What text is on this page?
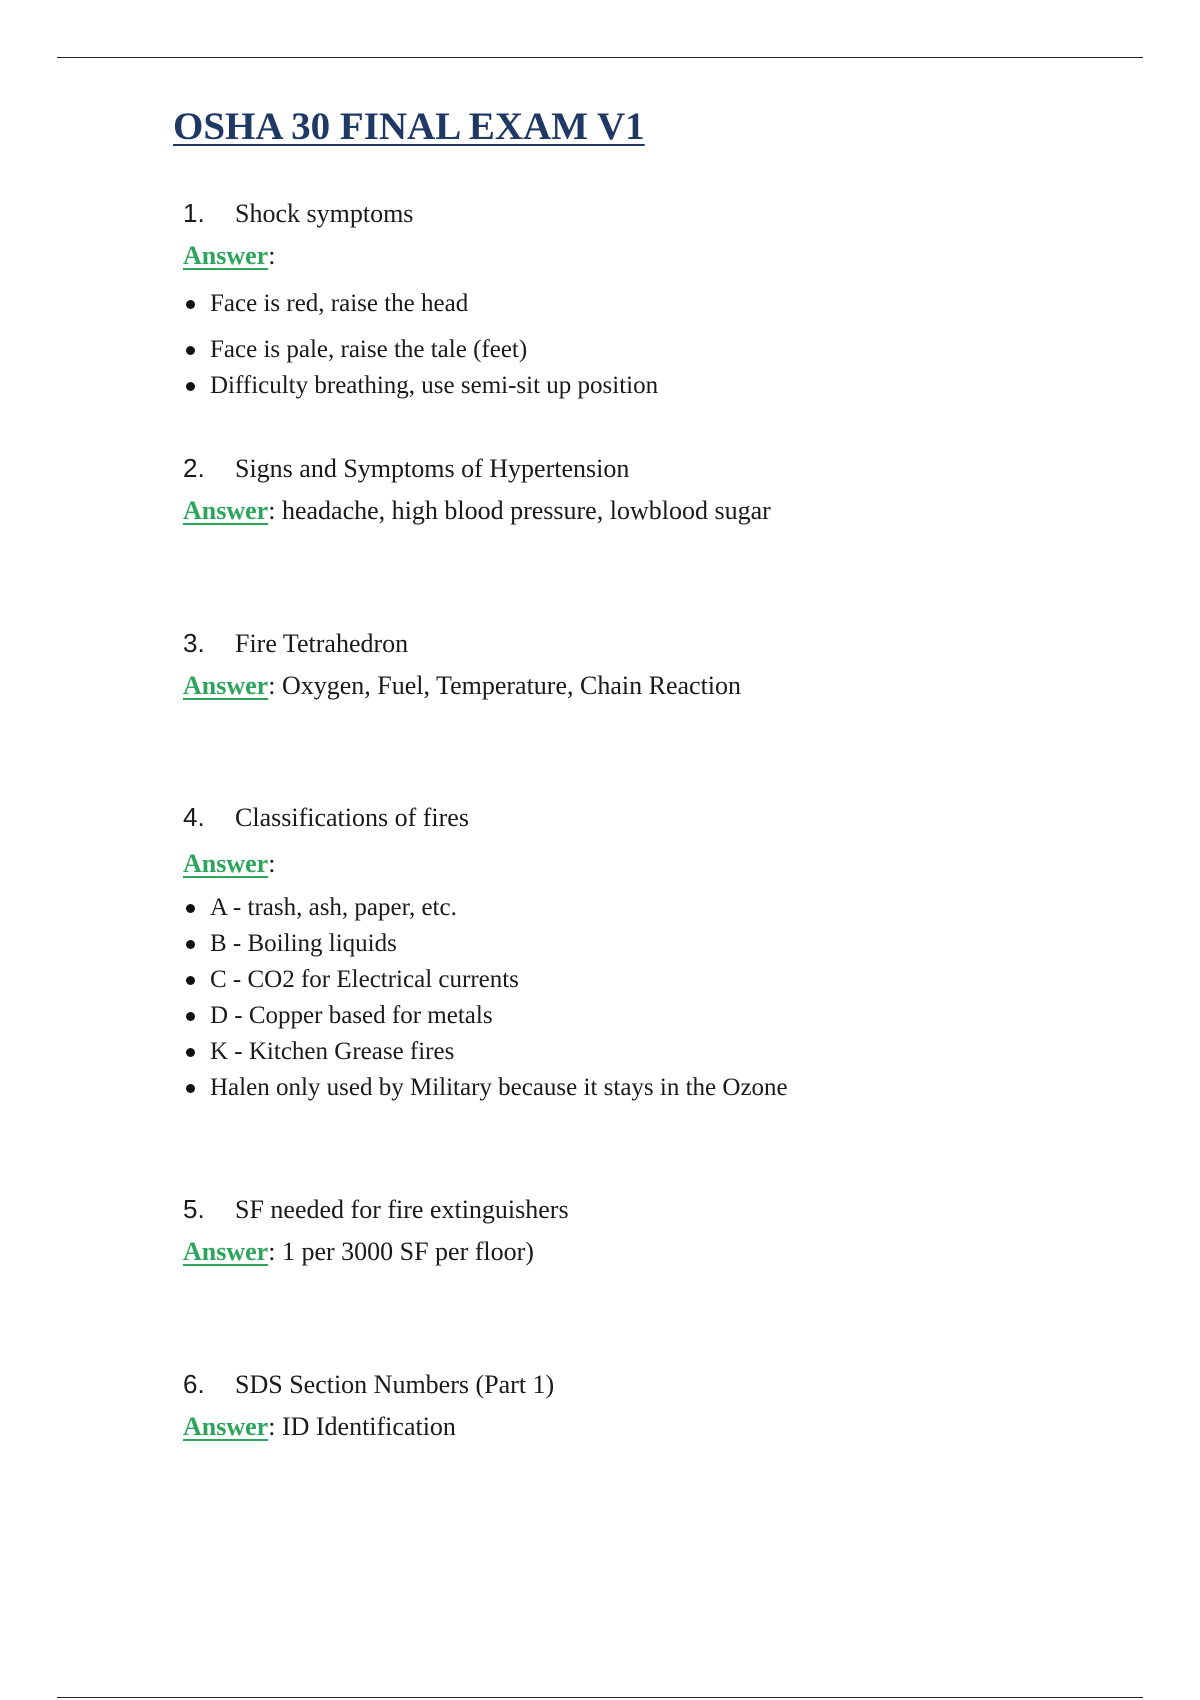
OSHA 30 FINAL EXAM V1
1. Shock symptoms
Answer:
Face is red, raise the head
Face is pale, raise the tale (feet)
Difficulty breathing, use semi-sit up position
2. Signs and Symptoms of Hypertension
Answer: headache, high blood pressure, lowblood sugar
3. Fire Tetrahedron
Answer: Oxygen, Fuel, Temperature, Chain Reaction
4. Classifications of fires
Answer:
A - trash, ash, paper, etc.
B - Boiling liquids
C - CO2 for Electrical currents
D - Copper based for metals
K - Kitchen Grease fires
Halen only used by Military because it stays in the Ozone
5. SF needed for fire extinguishers
Answer: 1 per 3000 SF per floor)
6. SDS Section Numbers (Part 1)
Answer: ID Identification
